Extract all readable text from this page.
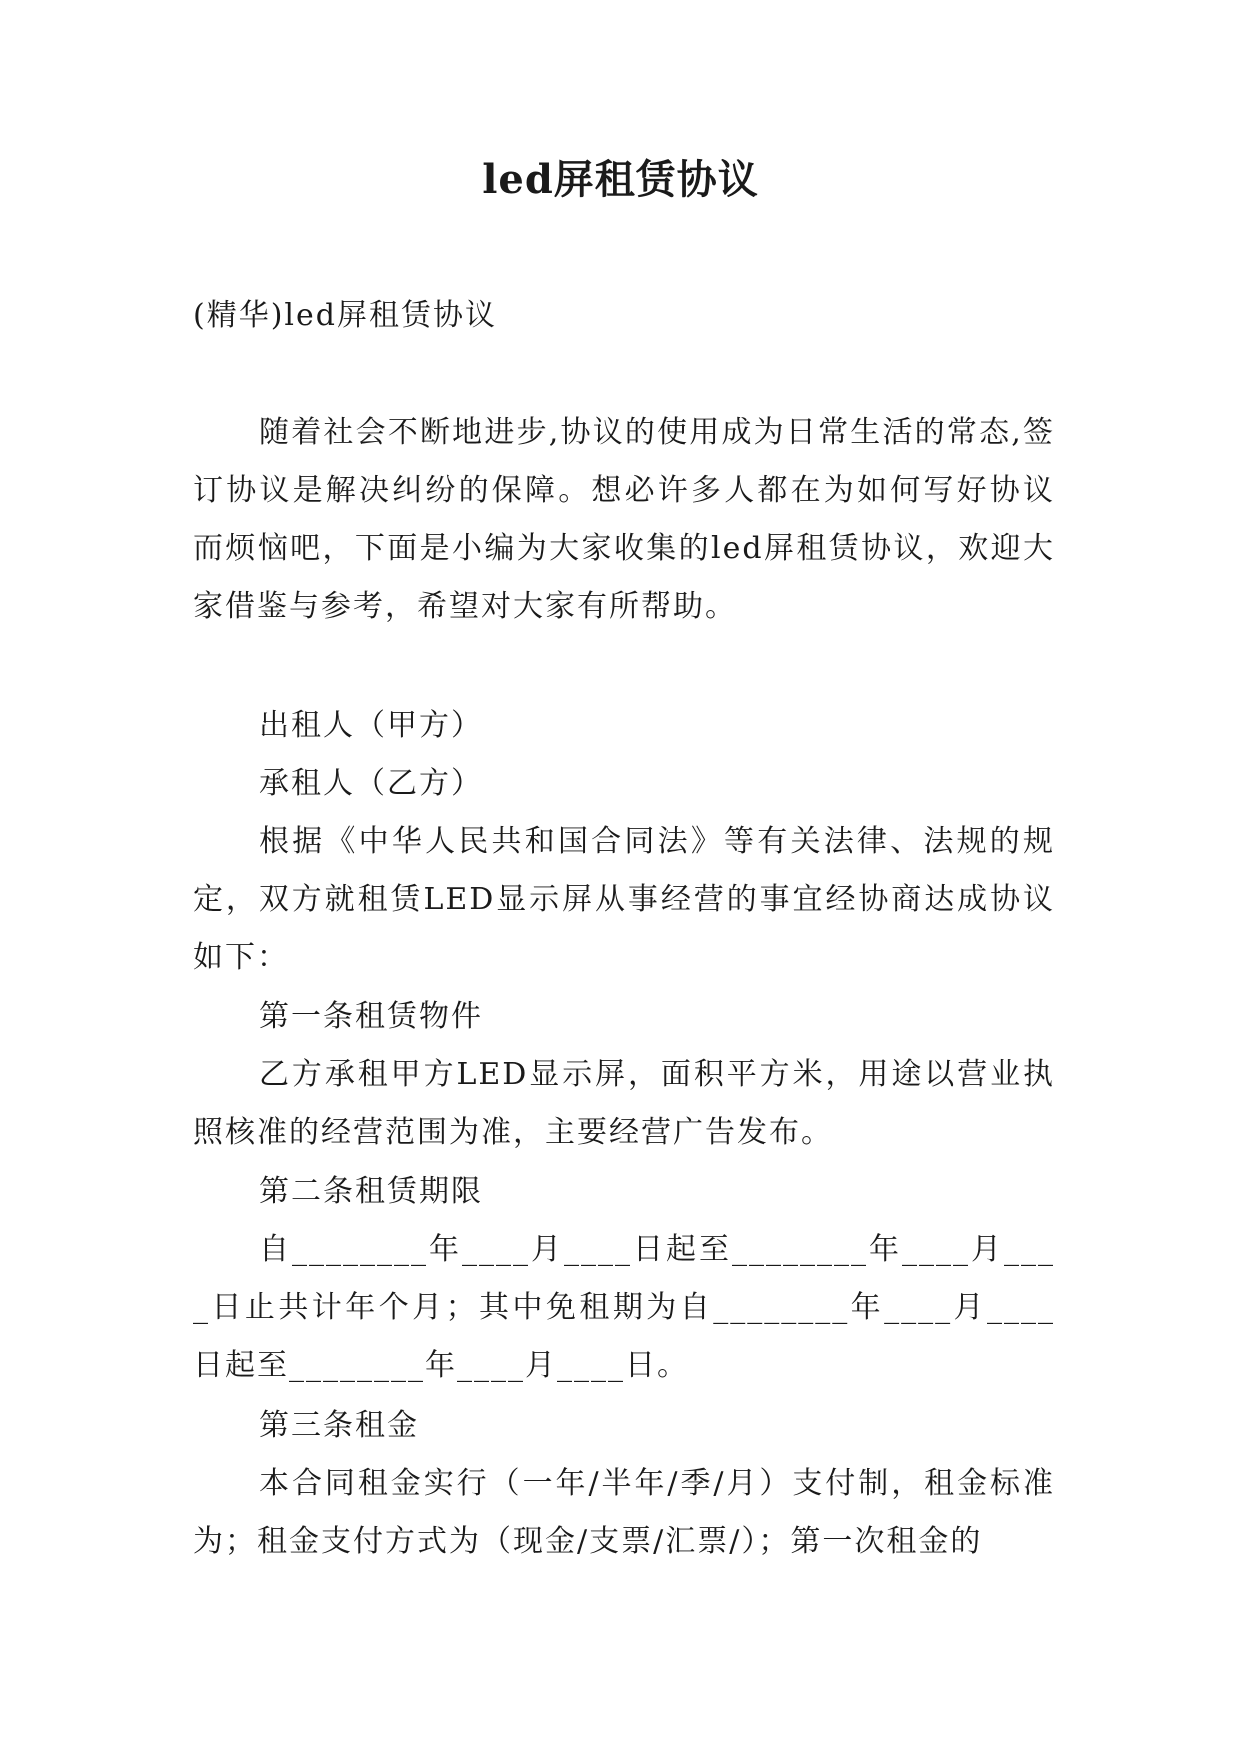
led屏租赁协议

(精华)led屏租赁协议

随着社会不断地进步,协议的使用成为日常生活的常态,签订协议是解决纠纷的保障。想必许多人都在为如何写好协议而烦恼吧，下面是小编为大家收集的led屏租赁协议，欢迎大家借鉴与参考，希望对大家有所帮助。

出租人（甲方）

承租人（乙方）

根据《中华人民共和国合同法》等有关法律、法规的规定，双方就租赁LED显示屏从事经营的事宜经协商达成协议如下：

第一条租赁物件

乙方承租甲方LED显示屏，面积平方米，用途以营业执照核准的经营范围为准，主要经营广告发布。

第二条租赁期限

自________年____月____日起至________年____月____日止共计年个月；其中免租期为自________年____月____日起至________年____月____日。

第三条租金

本合同租金实行（一年/半年/季/月）支付制，租金标准为；租金支付方式为（现金/支票/汇票/）；第一次租金的
